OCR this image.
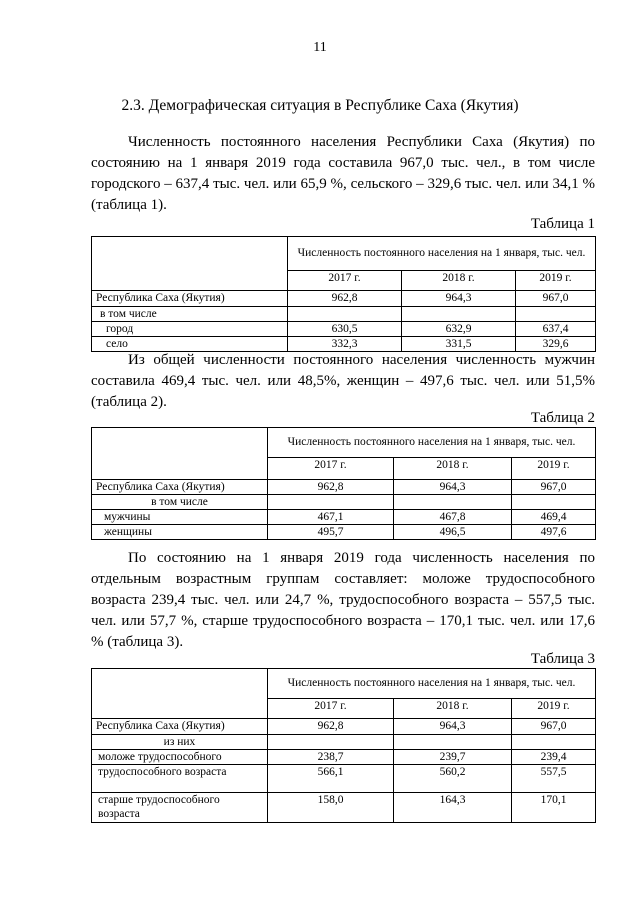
11
2.3. Демографическая ситуация в Республике Саха (Якутия)

Численность постоянного населения Республики Саха (Якутия) по состоянию на 1 января 2019 года составила 967,0 тыс. чел., в том числе городского – 637,4 тыс. чел. или 65,9 %, сельского – 329,6 тыс. чел. или 34,1 % (таблица 1).

Таблица 1
	Численность постоянного населения на 1 января, тыс. чел.		
	2017 г.	2018 г.	2019 г.
Республика Саха (Якутия)	962,8	964,3	967,0
в том числе			
город	630,5	632,9	637,4
село	332,3	331,5	329,6

Из общей численности постоянного населения численность мужчин составила 469,4 тыс. чел. или 48,5%, женщин – 497,6 тыс. чел. или 51,5% (таблица 2).

Таблица 2
	Численность постоянного населения на 1 января, тыс. чел.		
	2017 г.	2018 г.	2019 г.
Республика Саха (Якутия)	962,8	964,3	967,0
в том числе			
мужчины	467,1	467,8	469,4
женщины	495,7	496,5	497,6

По состоянию на 1 января 2019 года численность населения по отдельным возрастным группам составляет: моложе трудоспособного возраста 239,4 тыс. чел. или 24,7 %, трудоспособного возраста – 557,5 тыс. чел. или 57,7 %, старше трудоспособного возраста – 170,1 тыс. чел. или 17,6 % (таблица 3).

Таблица 3
	Численность постоянного населения на 1 января, тыс. чел.		
	2017 г.	2018 г.	2019 г.
Республика Саха (Якутия)	962,8	964,3	967,0
из них			
моложе трудоспособного	238,7	239,7	239,4
трудоспособного возраста	566,1	560,2	557,5
старше трудоспособного возраста	158,0	164,3	170,1
